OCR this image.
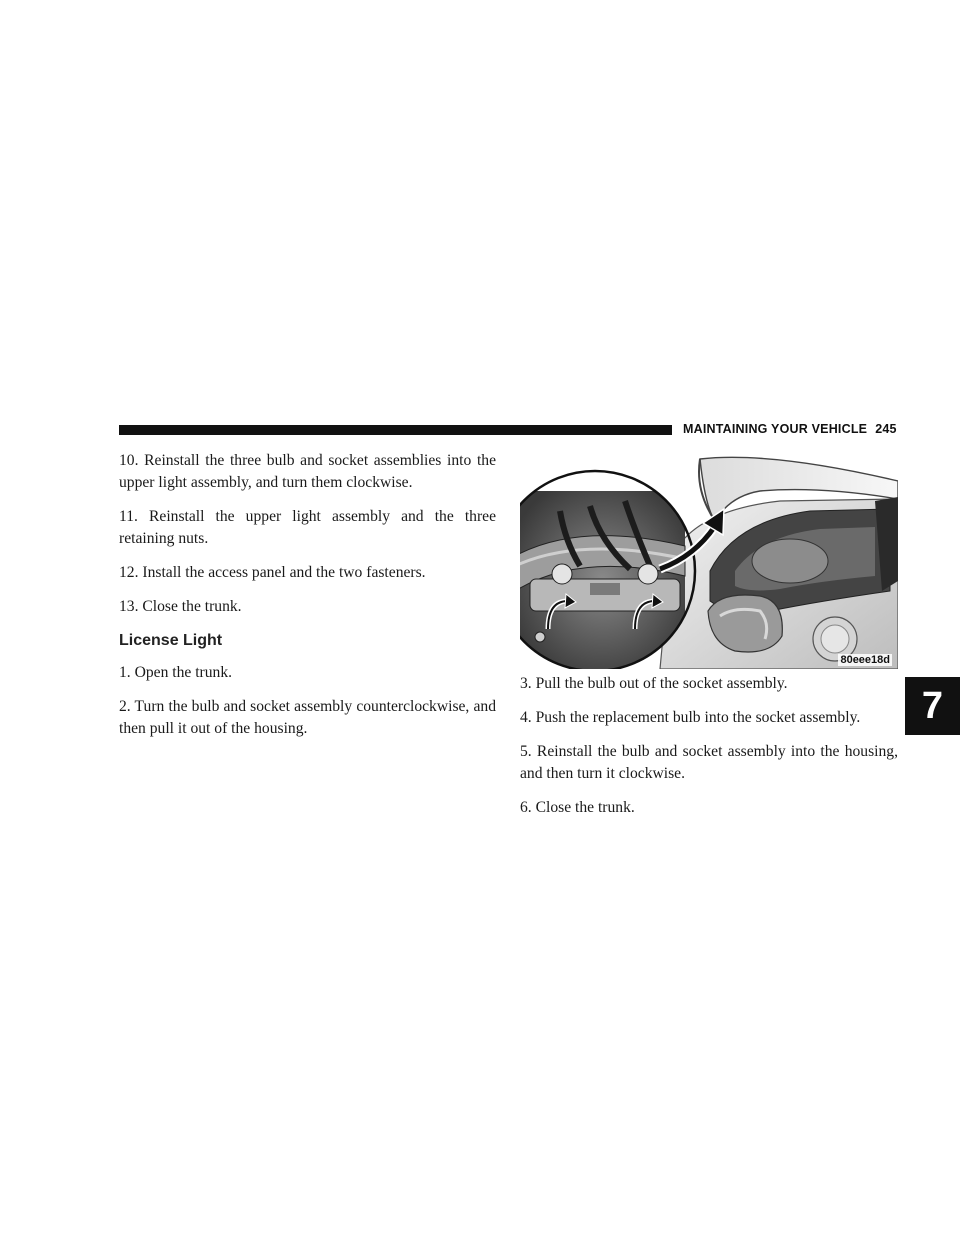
MAINTAINING YOUR VEHICLE 245

10. Reinstall the three bulb and socket assemblies into the upper light assembly, and turn them clockwise.

11. Reinstall the upper light assembly and the three retaining nuts.

12. Install the access panel and the two fasteners.

13. Close the trunk.

License Light

1. Open the trunk.

2. Turn the bulb and socket assembly counterclockwise, and then pull it out of the housing.

80eee18d

3. Pull the bulb out of the socket assembly.

4. Push the replacement bulb into the socket assembly.

5. Reinstall the bulb and socket assembly into the housing, and then turn it clockwise.

6. Close the trunk.

7
